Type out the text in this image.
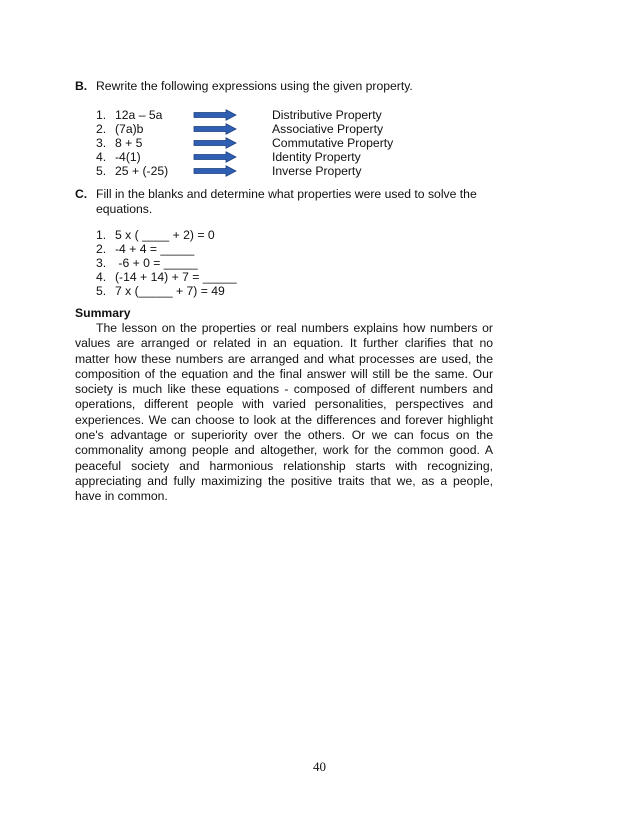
B. Rewrite the following expressions using the given property.
1. 12a – 5a	Distributive Property
2. (7a)b	Associative Property
3. 8 + 5	Commutative Property
4. -4(1)	Identity Property
5. 25 + (-25)	Inverse Property
C. Fill in the blanks and determine what properties were used to solve the
equations.
1. 5 x ( ____ + 2) = 0
2. -4 + 4 = _____
3. -6 + 0 = _____
4. (-14 + 14) + 7 = _____
5. 7 x (_____ + 7) = 49
Summary
The lesson on the properties or real numbers explains how numbers or values are arranged or related in an equation. It further clarifies that no matter how these numbers are arranged and what processes are used, the composition of the equation and the final answer will still be the same. Our society is much like these equations - composed of different numbers and operations, different people with varied personalities, perspectives and experiences. We can choose to look at the differences and forever highlight one's advantage or superiority over the others. Or we can focus on the commonality among people and altogether, work for the common good. A peaceful society and harmonious relationship starts with recognizing, appreciating and fully maximizing the positive traits that we, as a people, have in common.
40
